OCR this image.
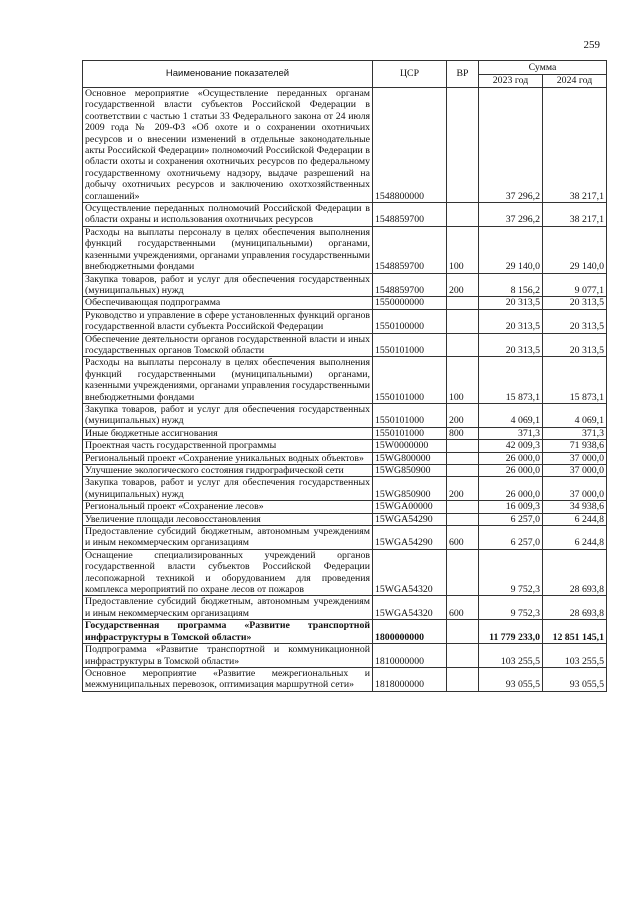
259
Наименование показателей	ЦСР	ВР	Сумма	
			2023 год	2024 год
Основное мероприятие «Осуществление переданных органам государственной власти субъектов Российской Федерации в соответствии с частью 1 статьи 33 Федерального закона от 24 июля 2009 года № 209-ФЗ «Об охоте и о сохранении охотничьих ресурсов и о внесении изменений в отдельные законодательные акты Российской Федерации» полномочий Российской Федерации в области охоты и сохранения охотничьих ресурсов по федеральному государственному охотничьему надзору, выдаче разрешений на добычу охотничьих ресурсов и заключению охотхозяйственных соглашений»	1548800000		37 296,2	38 217,1
Осуществление переданных полномочий Российской Федерации в области охраны и использования охотничьих ресурсов	1548859700		37 296,2	38 217,1
Расходы на выплаты персоналу в целях обеспечения выполнения функций государственными (муниципальными) органами, казенными учреждениями, органами управления государственными внебюджетными фондами	1548859700	100	29 140,0	29 140,0
Закупка товаров, работ и услуг для обеспечения государственных (муниципальных) нужд	1548859700	200	8 156,2	9 077,1
Обеспечивающая подпрограмма	1550000000		20 313,5	20 313,5
Руководство и управление в сфере установленных функций органов государственной власти субъекта Российской Федерации	1550100000		20 313,5	20 313,5
Обеспечение деятельности органов государственной власти и иных государственных органов Томской области	1550101000		20 313,5	20 313,5
Расходы на выплаты персоналу в целях обеспечения выполнения функций государственными (муниципальными) органами, казенными учреждениями, органами управления государственными внебюджетными фондами	1550101000	100	15 873,1	15 873,1
Закупка товаров, работ и услуг для обеспечения государственных (муниципальных) нужд	1550101000	200	4 069,1	4 069,1
Иные бюджетные ассигнования	1550101000	800	371,3	371,3
Проектная часть государственной программы	15W0000000		42 009,3	71 938,6
Региональный проект «Сохранение уникальных водных объектов»	15WG800000		26 000,0	37 000,0
Улучшение экологического состояния гидрографической сети	15WG850900		26 000,0	37 000,0
Закупка товаров, работ и услуг для обеспечения государственных (муниципальных) нужд	15WG850900	200	26 000,0	37 000,0
Региональный проект «Сохранение лесов»	15WGA00000		16 009,3	34 938,6
Увеличение площади лесовосстановления	15WGA54290		6 257,0	6 244,8
Предоставление субсидий бюджетным, автономным учреждениям и иным некоммерческим организациям	15WGA54290	600	6 257,0	6 244,8
Оснащение специализированных учреждений органов государственной власти субъектов Российской Федерации лесопожарной техникой и оборудованием для проведения комплекса мероприятий по охране лесов от пожаров	15WGA54320		9 752,3	28 693,8
Предоставление субсидий бюджетным, автономным учреждениям и иным некоммерческим организациям	15WGA54320	600	9 752,3	28 693,8
Государственная программа «Развитие транспортной инфраструктуры в Томской области»	1800000000		11 779 233,0	12 851 145,1
Подпрограмма «Развитие транспортной и коммуникационной инфраструктуры в Томской области»	1810000000		103 255,5	103 255,5
Основное мероприятие «Развитие межрегиональных и межмуниципальных перевозок, оптимизация маршрутной сети»	1818000000		93 055,5	93 055,5
